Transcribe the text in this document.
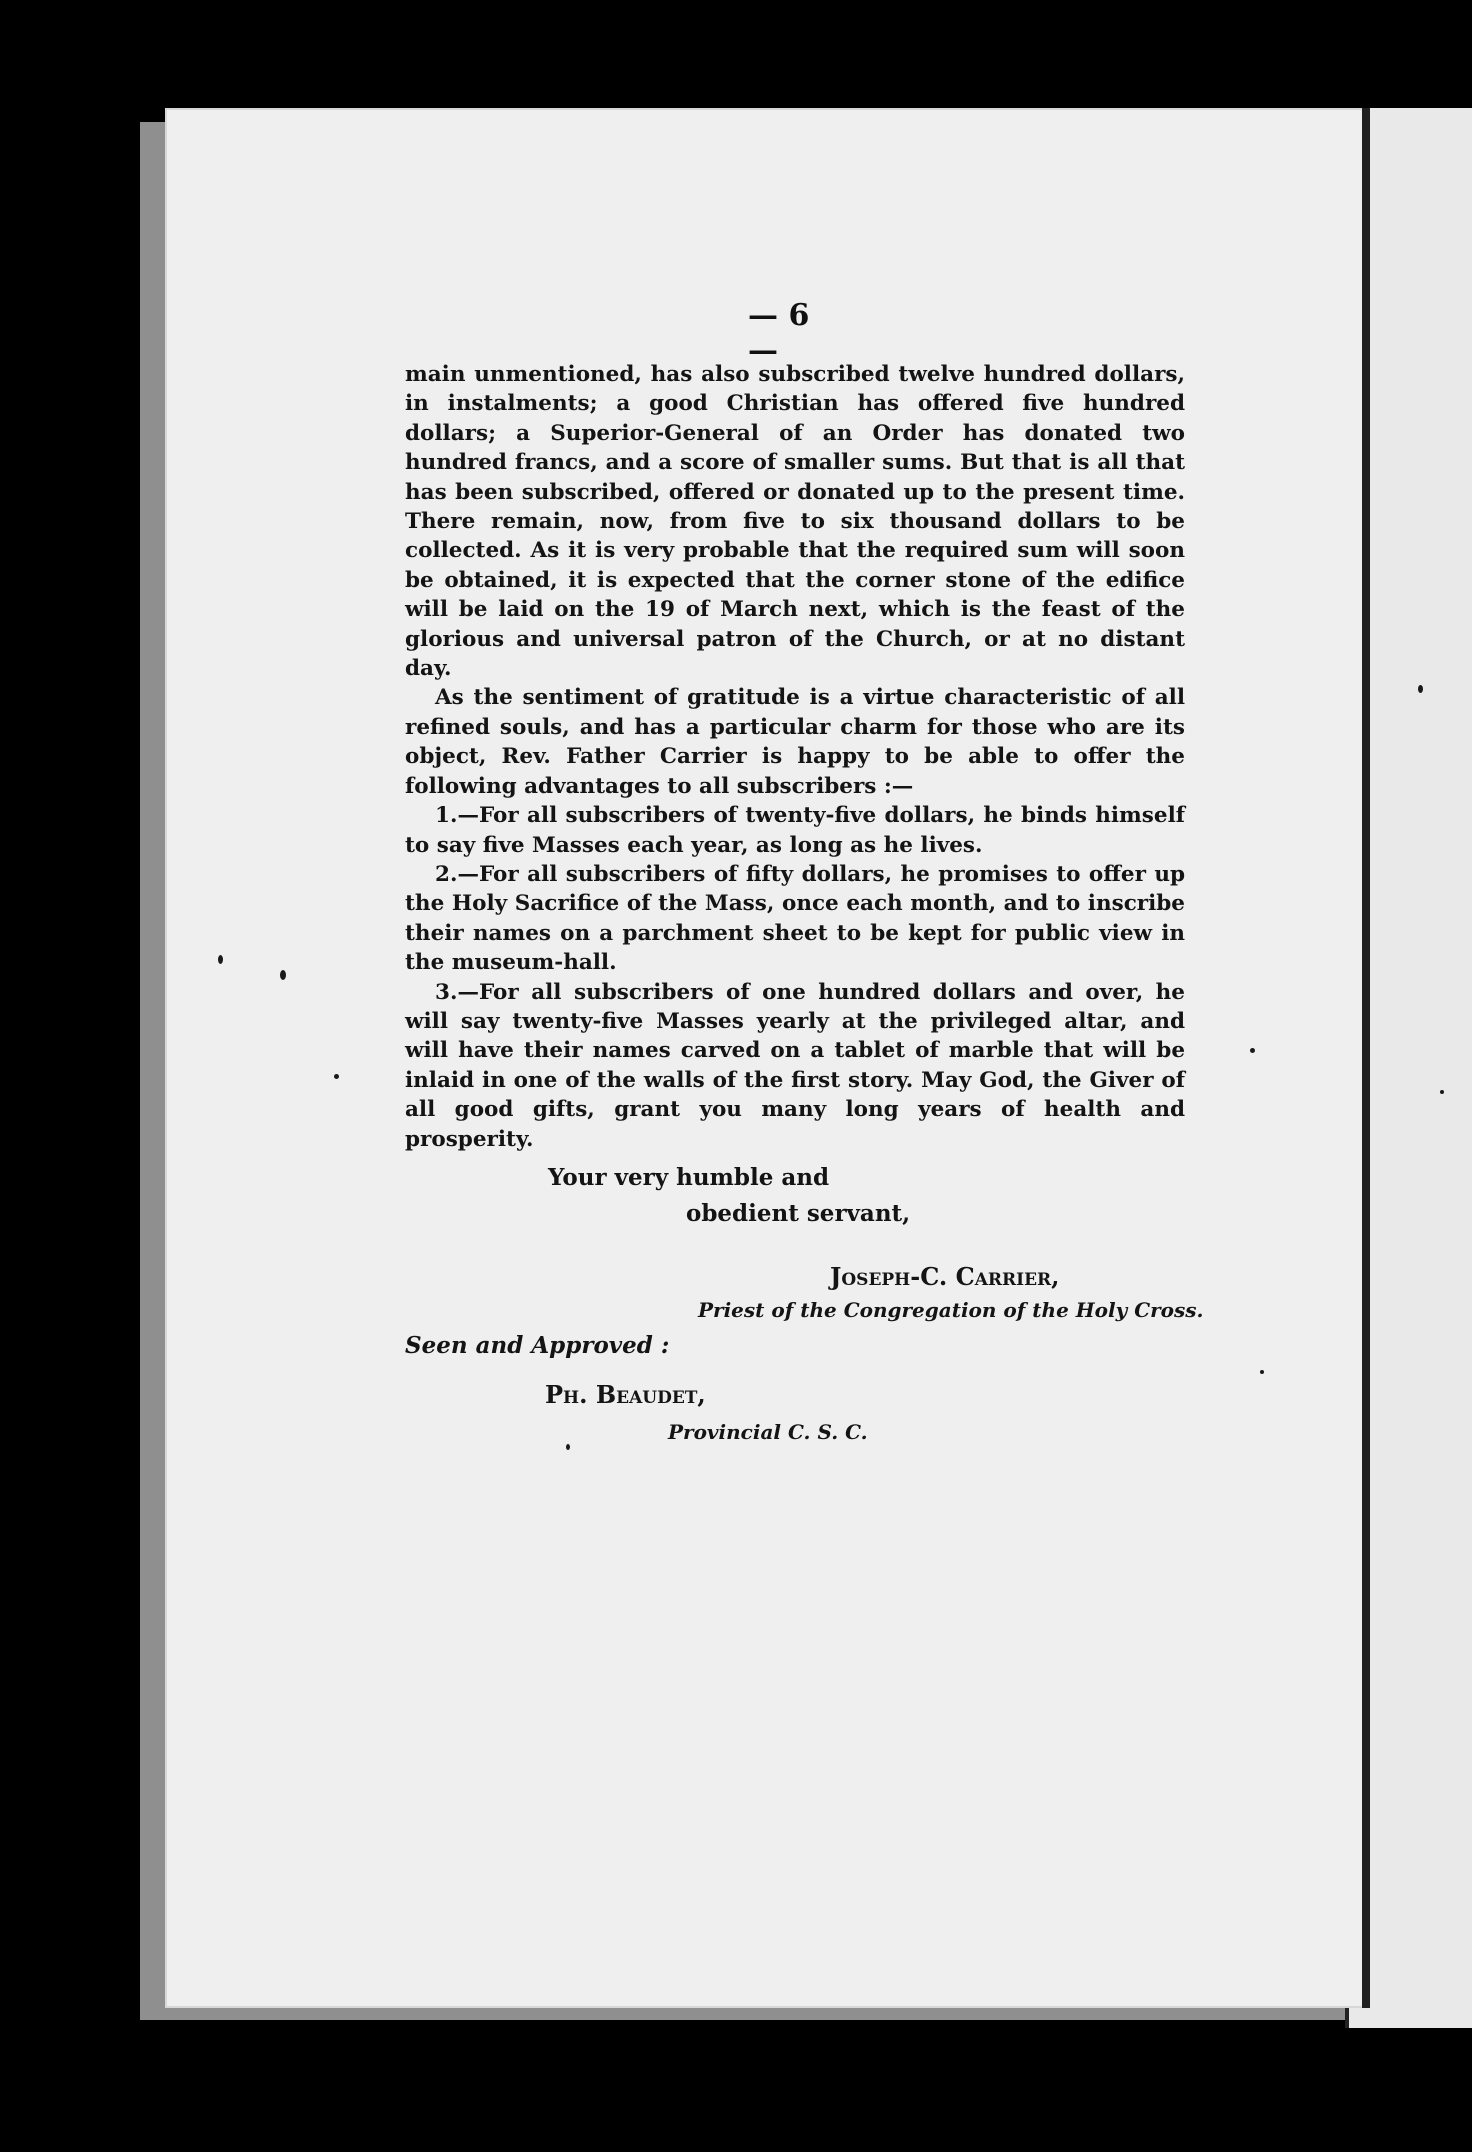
— 6 —

main unmentioned, has also subscribed twelve hundred dollars, in instalments; a good Christian has offered five hundred dollars; a Superior-General of an Order has donated two hundred francs, and a score of smaller sums. But that is all that has been subscribed, offered or donated up to the present time. There remain, now, from five to six thousand dollars to be collected. As it is very probable that the required sum will soon be obtained, it is expected that the corner stone of the edifice will be laid on the 19 of March next, which is the feast of the glorious and universal patron of the Church, or at no distant day.

As the sentiment of gratitude is a virtue characteristic of all refined souls, and has a particular charm for those who are its object, Rev. Father Carrier is happy to be able to offer the following advantages to all subscribers :—

1.—For all subscribers of twenty-five dollars, he binds himself to say five Masses each year, as long as he lives.

2.—For all subscribers of fifty dollars, he promises to offer up the Holy Sacrifice of the Mass, once each month, and to inscribe their names on a parchment sheet to be kept for public view in the museum-hall.

3.—For all subscribers of one hundred dollars and over, he will say twenty-five Masses yearly at the privileged altar, and will have their names carved on a tablet of marble that will be inlaid in one of the walls of the first story. May God, the Giver of all good gifts, grant you many long years of health and prosperity.

Your very humble and
obedient servant,
Joseph-C. Carrier,
Priest of the Congregation of the Holy Cross.
Seen and Approved :
Ph. Beaudet,
Provincial C. S. C.
